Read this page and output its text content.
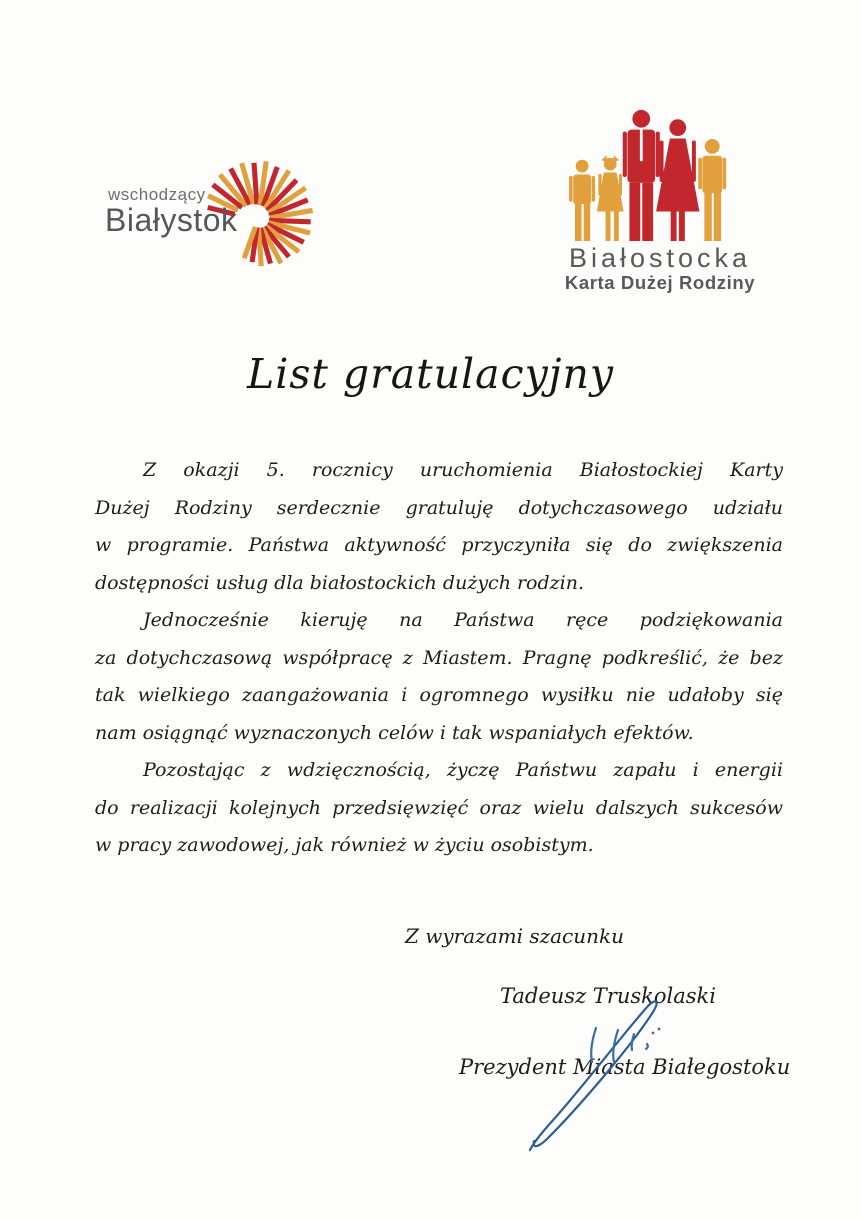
wschodzący
Białystok
Białostocka
Karta Dużej Rodziny
List gratulacyjny

Z okazji 5. rocznicy uruchomienia Białostockiej Karty
Dużej Rodziny serdecznie gratuluję dotychczasowego udziału
w programie. Państwa aktywność przyczyniła się do zwiększenia
dostępności usług dla białostockich dużych rodzin.

Jednocześnie kieruję na Państwa ręce podziękowania
za dotychczasową współpracę z Miastem. Pragnę podkreślić, że bez
tak wielkiego zaangażowania i ogromnego wysiłku nie udałoby się
nam osiągnąć wyznaczonych celów i tak wspaniałych efektów.

Pozostając z wdzięcznością, życzę Państwu zapału i energii
do realizacji kolejnych przedsięwzięć oraz wielu dalszych sukcesów
w pracy zawodowej, jak również w życiu osobistym.

Z wyrazami szacunku
Tadeusz Truskolaski
Prezydent Miasta Białegostoku
